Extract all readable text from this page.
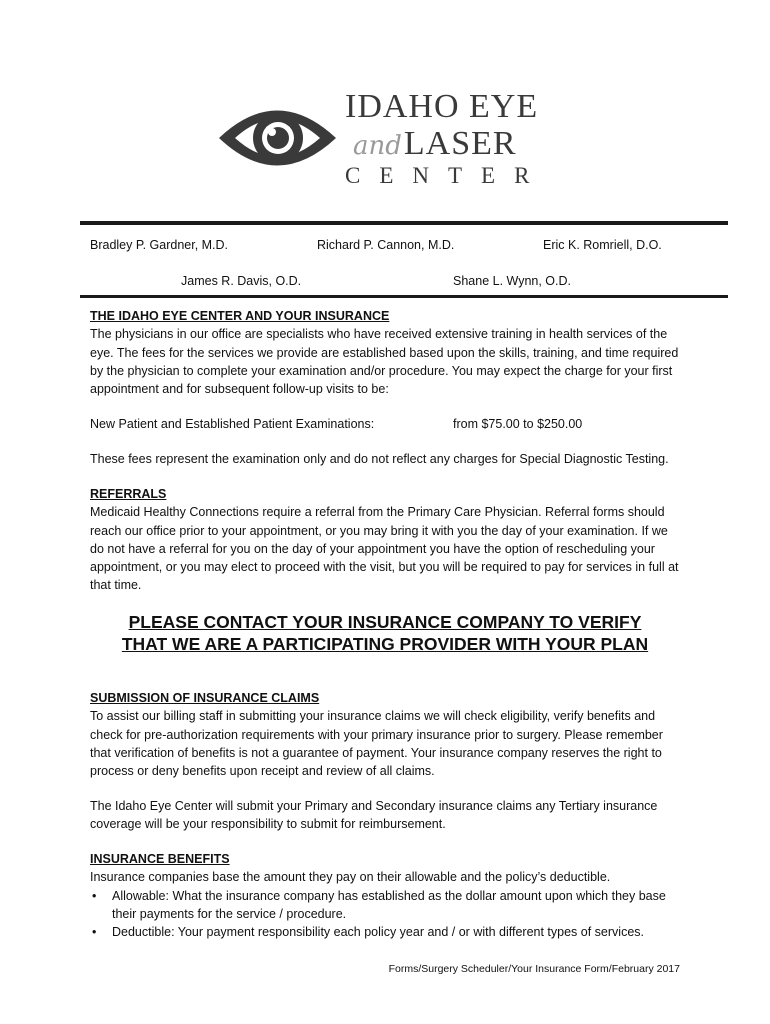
IDAHO EYE
andLASER
CENTER
Bradley P. Gardner, M.D.	Richard P. Cannon, M.D.	Eric K. Romriell, D.O.
James R. Davis, O.D.	Shane L. Wynn, O.D.
THE IDAHO EYE CENTER AND YOUR INSURANCE
The physicians in our office are specialists who have received extensive training in health services of the
eye. The fees for the services we provide are established based upon the skills, training, and time required
by the physician to complete your examination and/or procedure. You may expect the charge for your first
appointment and for subsequent follow-up visits to be:
New Patient and Established Patient Examinations:	from $75.00 to $250.00
These fees represent the examination only and do not reflect any charges for Special Diagnostic Testing.
REFERRALS
Medicaid Healthy Connections require a referral from the Primary Care Physician. Referral forms should
reach our office prior to your appointment, or you may bring it with you the day of your examination. If we
do not have a referral for you on the day of your appointment you have the option of rescheduling your
appointment, or you may elect to proceed with the visit, but you will be required to pay for services in full at
that time.
PLEASE CONTACT YOUR INSURANCE COMPANY TO VERIFY
THAT WE ARE A PARTICIPATING PROVIDER WITH YOUR PLAN
SUBMISSION OF INSURANCE CLAIMS
To assist our billing staff in submitting your insurance claims we will check eligibility, verify benefits and
check for pre-authorization requirements with your primary insurance prior to surgery. Please remember
that verification of benefits is not a guarantee of payment. Your insurance company reserves the right to
process or deny benefits upon receipt and review of all claims.
The Idaho Eye Center will submit your Primary and Secondary insurance claims any Tertiary insurance
coverage will be your responsibility to submit for reimbursement.
INSURANCE BENEFITS
Insurance companies base the amount they pay on their allowable and the policy’s deductible.
• Allowable: What the insurance company has established as the dollar amount upon which they base
their payments for the service / procedure.
• Deductible: Your payment responsibility each policy year and / or with different types of services.
Forms/Surgery Scheduler/Your Insurance Form/February 2017
